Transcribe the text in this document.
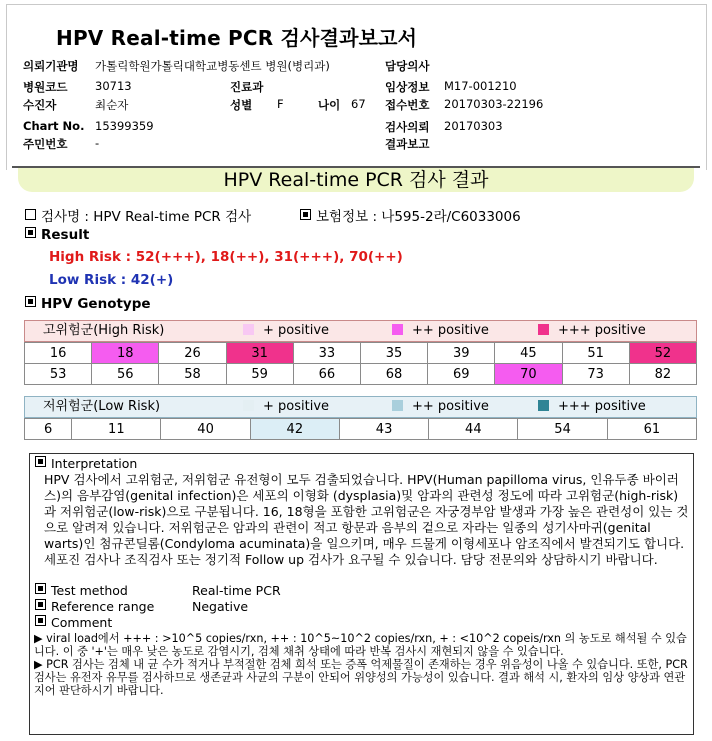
HPV Real-time PCR 검사결과보고서
의뢰기관명 가톨릭학원가톨릭대학교병동센트 병원(병리과)	담당의사
병원코드 30713	진료과	임상정보 M17-001210
수진자	최순자	성별 F	나이 67 접수번호 20170303-22196
Chart No. 15399359	검사의뢰 20170303
주민번호 -	결과보고
HPV Real-time PCR 검사 결과
검사명 : HPV Real-time PCR 검사	보험정보 : 나595-2라/C6033006
Result
High Risk : 52(+++), 18(++), 31(+++), 70(++)
Low Risk : 42(+)
HPV Genotype
고위험군(High Risk)	+ positive	++ positive	+++ positive
16	18	26	31	33	35	39	45	51	52
53	56	58	59	66	68	69	70	73	82
저위험군(Low Risk)	+ positive	++ positive	+++ positive
6	11	40	42	43	44	54	61
Interpretation
HPV 검사에서 고위험군, 저위험군 유전형이 모두 검출되었습니다. HPV(Human papilloma virus, 인유두종 바이러스)의 음부감염(genital infection)은 세포의 이형화 (dysplasia)및 암과의 관련성 정도에 따라 고위험군(high-risk)과 저위험군(low-risk)으로 구분됩니다. 16, 18형을 포함한 고위험군은 자궁경부암 발생과 가장 높은 관련성이 있는 것으로 알려져 있습니다. 저위험군은 암과의 관련이 적고 항문과 음부의 겉으로 자라는 일종의 성기사마귀(genital warts)인 첨규콘딜롬(Condyloma acuminata)을 일으키며, 매우 드물게 이형세포나 암조직에서 발견되기도 합니다. 세포진 검사나 조직검사 또는 정기적 Follow up 검사가 요구될 수 있습니다. 담당 전문의와 상담하시기 바랍니다.
Test method	Real-time PCR
Reference range	Negative
Comment
▶ viral load에서 +++ : >10^5 copies/rxn, ++ : 10^5~10^2 copies/rxn, + : <10^2 copeis/rxn 의 농도로 해석될 수 있습니다. 이 중 '+'는 매우 낮은 농도로 감염시기, 검체 채취 상태에 따라 반복 검사시 재현되지 않을 수 있습니다.
▶ PCR 검사는 검체 내 균 수가 적거나 부적절한 검체 희석 또는 증폭 억제물질이 존재하는 경우 위음성이 나올 수 있습니다. 또한, PCR 검사는 유전자 유무를 검사하므로 생존균과 사균의 구분이 안되어 위양성의 가능성이 있습니다. 결과 해석 시, 환자의 임상 양상과 연관지어 판단하시기 바랍니다.
